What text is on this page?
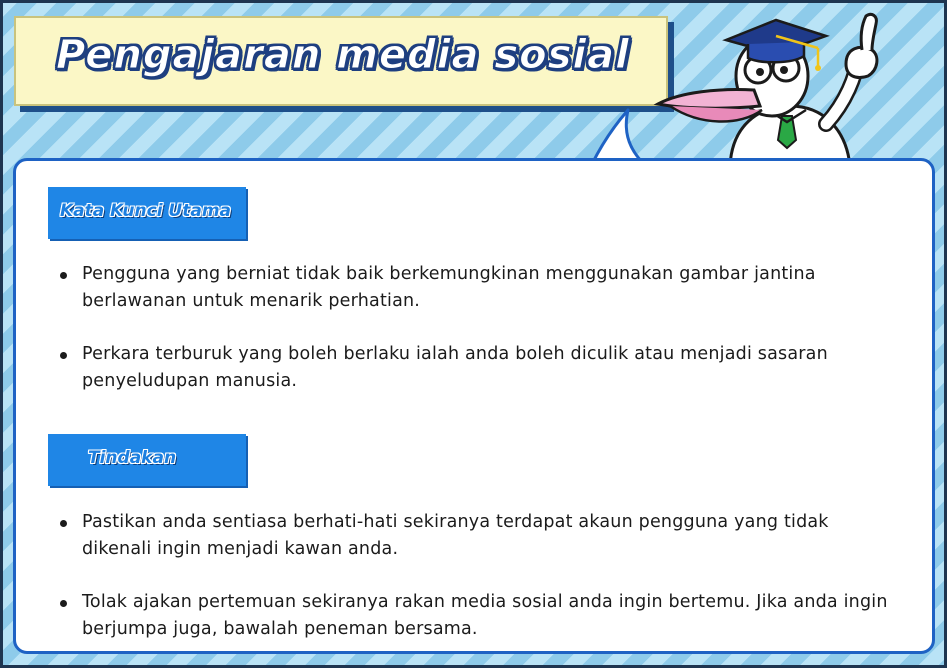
Pengajaran media sosial
Kata Kunci Utama
Pengguna yang berniat tidak baik berkemungkinan menggunakan gambar jantina berlawanan untuk menarik perhatian.
Perkara terburuk yang boleh berlaku ialah anda boleh diculik atau menjadi sasaran penyeludupan manusia.
Tindakan
Pastikan anda sentiasa berhati-hati sekiranya terdapat akaun pengguna yang tidak dikenali ingin menjadi kawan anda.
Tolak ajakan pertemuan sekiranya rakan media sosial anda ingin bertemu. Jika anda ingin berjumpa juga, bawalah peneman bersama.
